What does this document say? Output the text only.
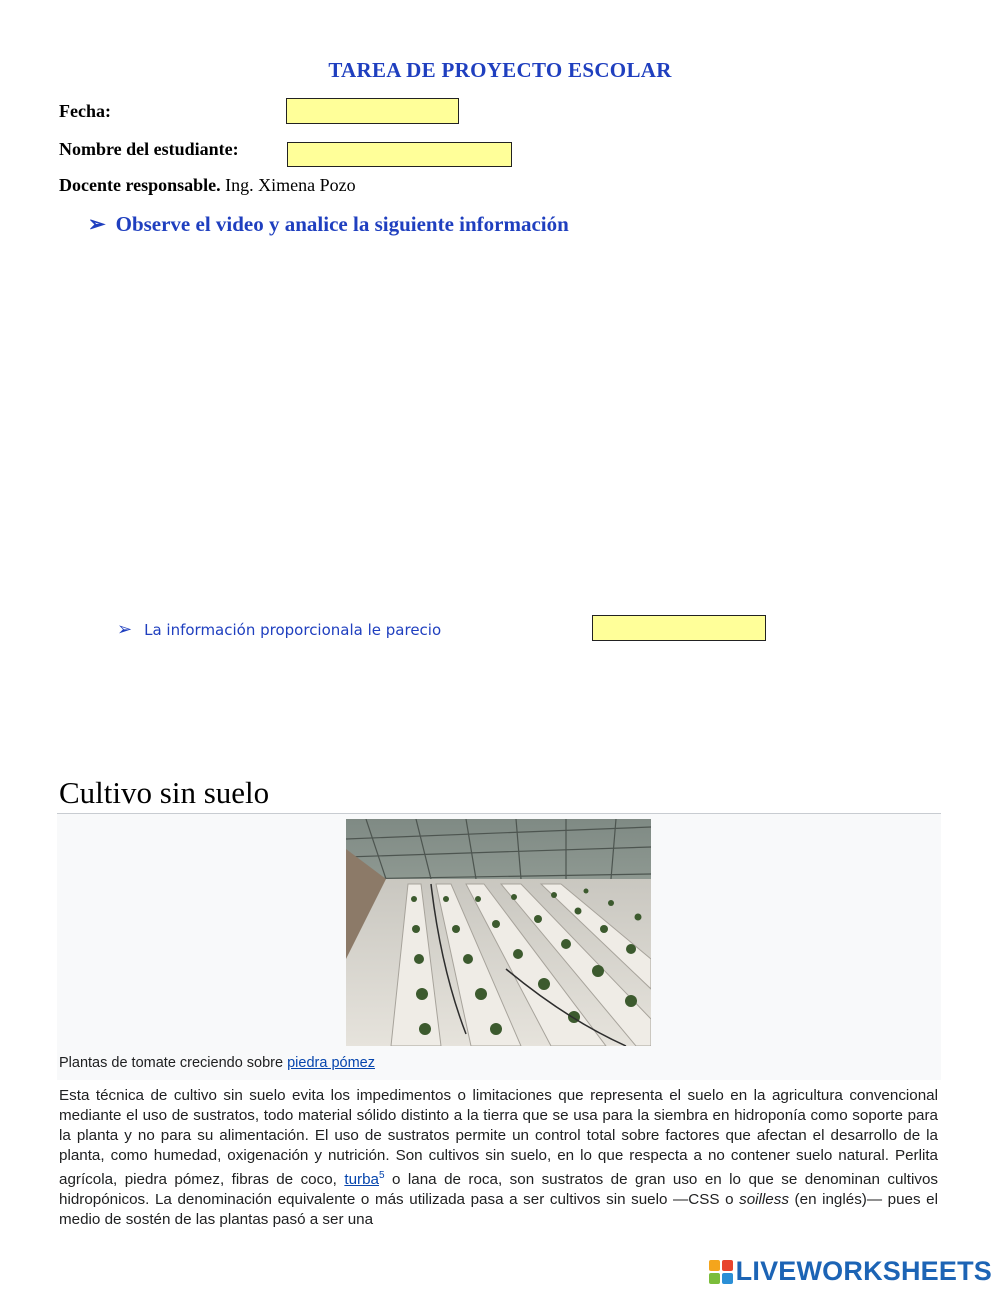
TAREA DE PROYECTO ESCOLAR
Fecha:
Nombre del estudiante:
Docente responsable. Ing. Ximena Pozo
➢ Observe el video y analice la siguiente información
➢ La información proporcionala le parecio
Cultivo sin suelo
Plantas de tomate creciendo sobre piedra pómez
Esta técnica de cultivo sin suelo evita los impedimentos o limitaciones que representa el suelo en la agricultura convencional mediante el uso de sustratos, todo material sólido distinto a la tierra que se usa para la siembra en hidroponía como soporte para la planta y no para su alimentación. El uso de sustratos permite un control total sobre factores que afectan el desarrollo de la planta, como humedad, oxigenación y nutrición. Son cultivos sin suelo, en lo que respecta a no contener suelo natural. Perlita agrícola, piedra pómez, fibras de coco, turba$^5$ o lana de roca, son sustratos de gran uso en lo que se denominan cultivos hidropónicos. La denominación equivalente o más utilizada pasa a ser cultivos sin suelo —CSS o soilless (en inglés)— pues el medio de sostén de las plantas pasó a ser una
LIVEWORKSHEETS
